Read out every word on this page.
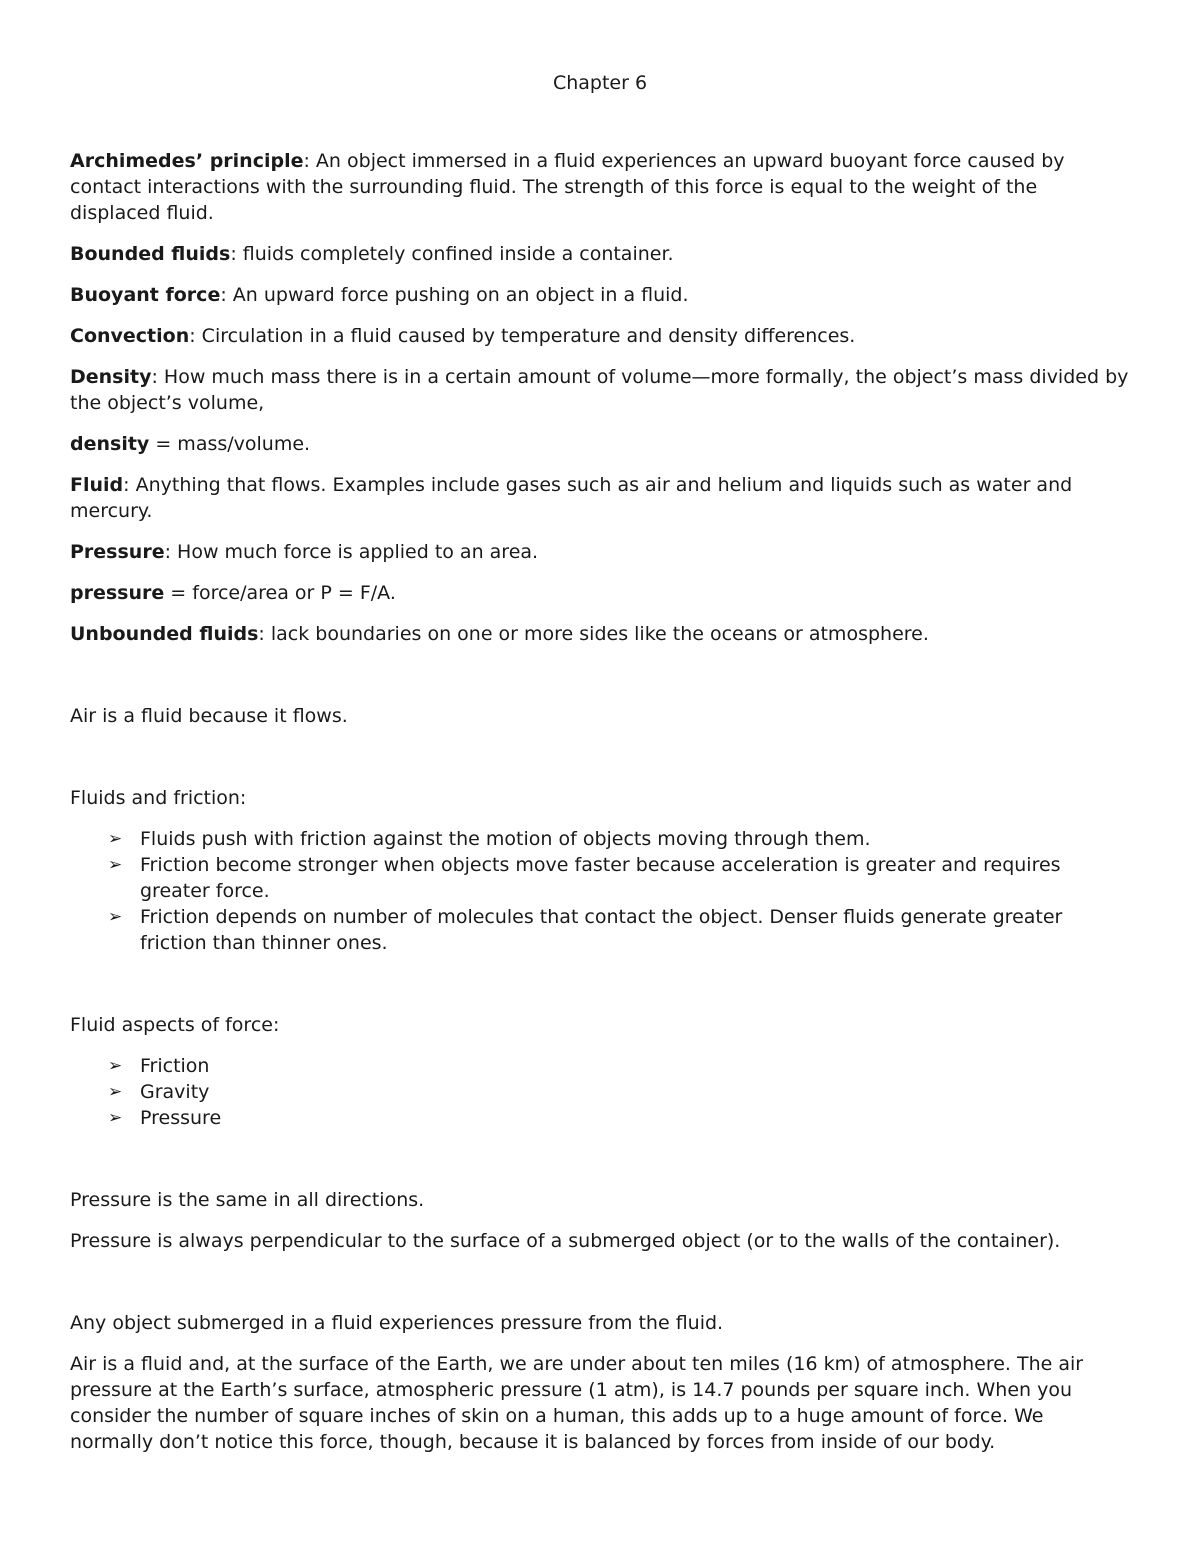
Chapter 6

Archimedes’ principle: An object immersed in a fluid experiences an upward buoyant force caused by contact interactions with the surrounding fluid. The strength of this force is equal to the weight of the displaced fluid.

Bounded fluids: fluids completely confined inside a container.

Buoyant force: An upward force pushing on an object in a fluid.

Convection: Circulation in a fluid caused by temperature and density differences.

Density: How much mass there is in a certain amount of volume—more formally, the object’s mass divided by the object’s volume,

density = mass/volume.

Fluid: Anything that flows. Examples include gases such as air and helium and liquids such as water and mercury.

Pressure: How much force is applied to an area.

pressure = force/area or P = F/A.

Unbounded fluids: lack boundaries on one or more sides like the oceans or atmosphere.

Air is a fluid because it flows.

Fluids and friction:

➢ Fluids push with friction against the motion of objects moving through them.
➢ Friction become stronger when objects move faster because acceleration is greater and requires greater force.
➢ Friction depends on number of molecules that contact the object. Denser fluids generate greater friction than thinner ones.

Fluid aspects of force:

➢ Friction
➢ Gravity
➢ Pressure

Pressure is the same in all directions.

Pressure is always perpendicular to the surface of a submerged object (or to the walls of the container).

Any object submerged in a fluid experiences pressure from the fluid.

Air is a fluid and, at the surface of the Earth, we are under about ten miles (16 km) of atmosphere. The air pressure at the Earth’s surface, atmospheric pressure (1 atm), is 14.7 pounds per square inch. When you consider the number of square inches of skin on a human, this adds up to a huge amount of force. We normally don’t notice this force, though, because it is balanced by forces from inside of our body.
